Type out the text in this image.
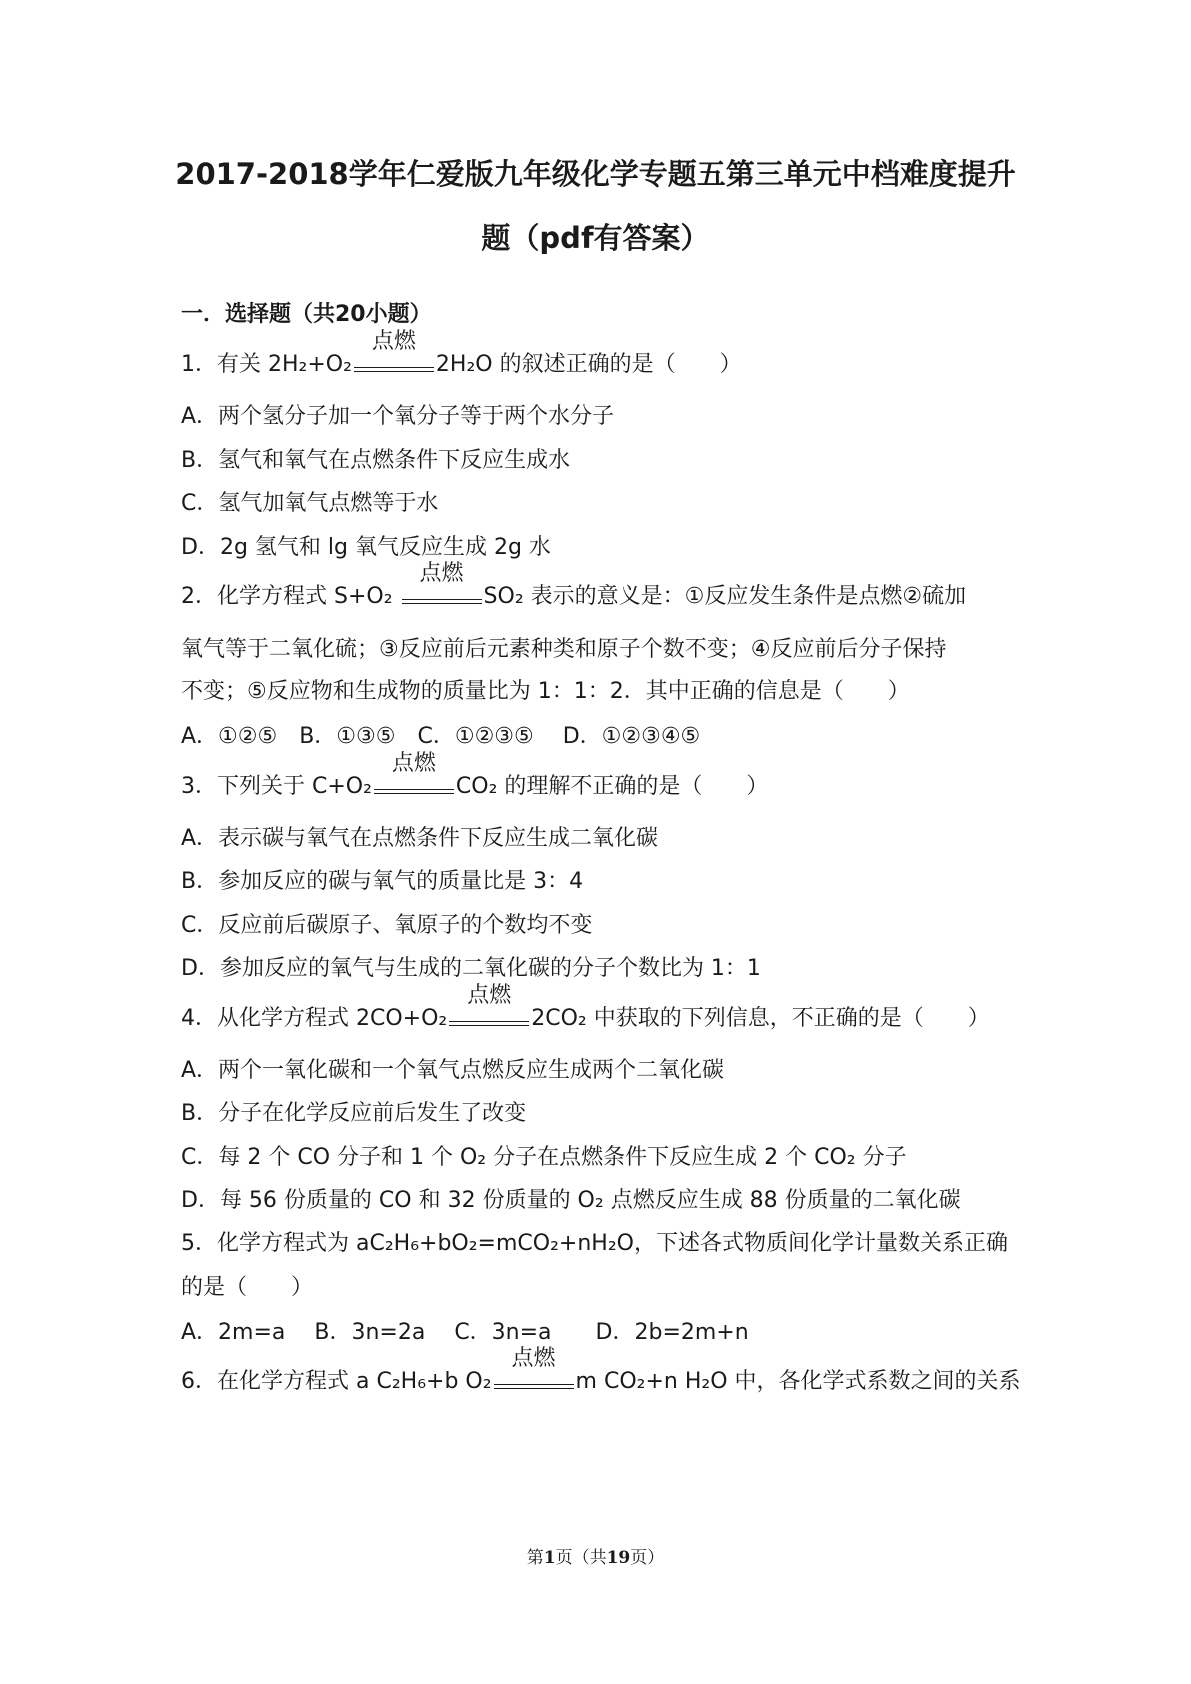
2017-2018学年仁爱版九年级化学专题五第三单元中档难度提升
题（pdf有答案）
一．选择题（共20小题）
1．有关 2H₂+O₂
点燃
2H₂O 的叙述正确的是（　　）
A．两个氢分子加一个氧分子等于两个水分子
B．氢气和氧气在点燃条件下反应生成水
C．氢气加氧气点燃等于水
D．2g 氢气和 lg 氧气反应生成 2g 水
2．化学方程式 S+O₂
点燃
SO₂ 表示的意义是：①反应发生条件是点燃②硫加
氧气等于二氧化硫；③反应前后元素种类和原子个数不变；④反应前后分子保持
不变；⑤反应物和生成物的质量比为 1：1：2．其中正确的信息是（　　）
A．①②⑤　B．①③⑤　C．①②③⑤　 D．①②③④⑤
3．下列关于 C+O₂
点燃
CO₂ 的理解不正确的是（　　）
A．表示碳与氧气在点燃条件下反应生成二氧化碳
B．参加反应的碳与氧气的质量比是 3：4
C．反应前后碳原子、氧原子的个数均不变
D．参加反应的氧气与生成的二氧化碳的分子个数比为 1：1
4．从化学方程式 2CO+O₂
点燃
2CO₂ 中获取的下列信息，不正确的是（　　）
A．两个一氧化碳和一个氧气点燃反应生成两个二氧化碳
B．分子在化学反应前后发生了改变
C．每 2 个 CO 分子和 1 个 O₂ 分子在点燃条件下反应生成 2 个 CO₂ 分子
D．每 56 份质量的 CO 和 32 份质量的 O₂ 点燃反应生成 88 份质量的二氧化碳
5．化学方程式为 aC₂H₆+bO₂=mCO₂+nH₂O，下述各式物质间化学计量数关系正确
的是（　　）
A．2m=a　 B．3n=2a　 C．3n=a　　D．2b=2m+n
6．在化学方程式 a C₂H₆+b O₂
点燃
m CO₂+n H₂O 中，各化学式系数之间的关系
第1页（共19页）
